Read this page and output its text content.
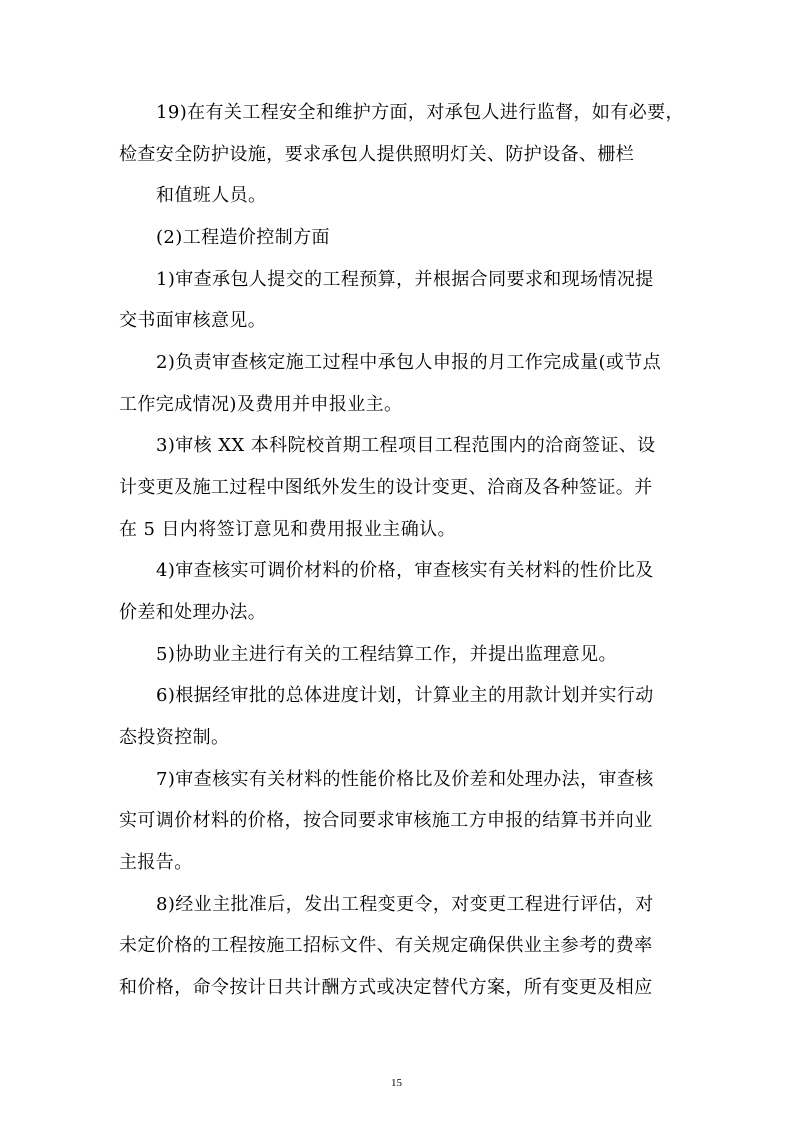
19)在有关工程安全和维护方面，对承包人进行监督，如有必要，
检查安全防护设施，要求承包人提供照明灯关、防护设备、栅栏
和值班人员。
(2)工程造价控制方面
1)审查承包人提交的工程预算，并根据合同要求和现场情况提
交书面审核意见。
2)负责审查核定施工过程中承包人申报的月工作完成量(或节点
工作完成情况)及费用并申报业主。
3)审核 XX 本科院校首期工程项目工程范围内的洽商签证、设
计变更及施工过程中图纸外发生的设计变更、洽商及各种签证。并
在 5 日内将签订意见和费用报业主确认。
4)审查核实可调价材料的价格，审查核实有关材料的性价比及
价差和处理办法。
5)协助业主进行有关的工程结算工作，并提出监理意见。
6)根据经审批的总体进度计划，计算业主的用款计划并实行动
态投资控制。
7)审查核实有关材料的性能价格比及价差和处理办法，审查核
实可调价材料的价格，按合同要求审核施工方申报的结算书并向业
主报告。
8)经业主批准后，发出工程变更令，对变更工程进行评估，对
未定价格的工程按施工招标文件、有关规定确保供业主参考的费率
和价格，命令按计日共计酬方式或决定替代方案，所有变更及相应
15
